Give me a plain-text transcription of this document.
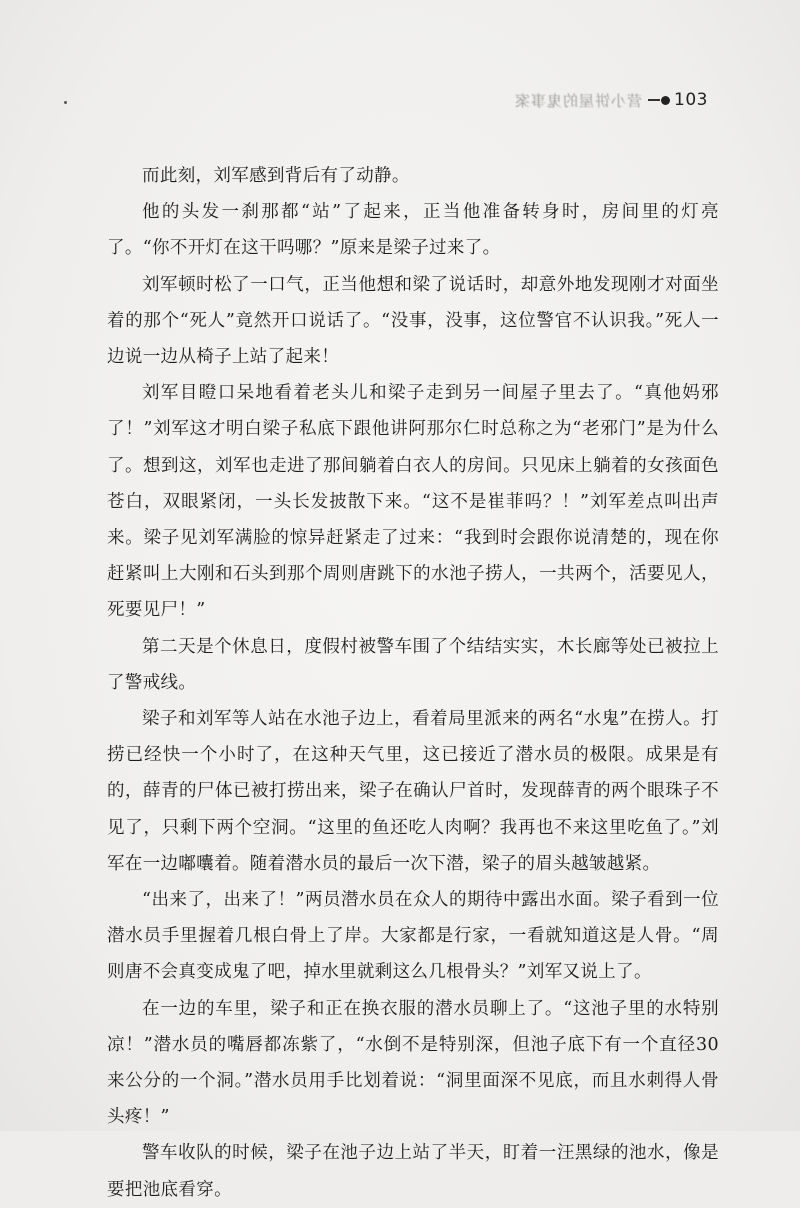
营小饼屋的鬼事案 103

而此刻，刘军感到背后有了动静。

他的头发一刹那都“站”了起来，正当他准备转身时，房间里的灯亮了。“你不开灯在这干吗哪？”原来是梁子过来了。

刘军顿时松了一口气，正当他想和梁了说话时，却意外地发现刚才对面坐着的那个“死人”竟然开口说话了。“没事，没事，这位警官不认识我。”死人一边说一边从椅子上站了起来！

刘军目瞪口呆地看着老头儿和梁子走到另一间屋子里去了。“真他妈邪了！”刘军这才明白梁子私底下跟他讲阿那尔仁时总称之为“老邪门”是为什么了。想到这，刘军也走进了那间躺着白衣人的房间。只见床上躺着的女孩面色苍白，双眼紧闭，一头长发披散下来。“这不是崔菲吗？！”刘军差点叫出声来。梁子见刘军满脸的惊异赶紧走了过来：“我到时会跟你说清楚的，现在你赶紧叫上大刚和石头到那个周则唐跳下的水池子捞人，一共两个，活要见人，死要见尸！”

第二天是个休息日，度假村被警车围了个结结实实，木长廊等处已被拉上了警戒线。

梁子和刘军等人站在水池子边上，看着局里派来的两名“水鬼”在捞人。打捞已经快一个小时了，在这种天气里，这已接近了潜水员的极限。成果是有的，薛青的尸体已被打捞出来，梁子在确认尸首时，发现薛青的两个眼珠子不见了，只剩下两个空洞。“这里的鱼还吃人肉啊？我再也不来这里吃鱼了。”刘军在一边嘟囔着。随着潜水员的最后一次下潜，梁子的眉头越皱越紧。

“出来了，出来了！”两员潜水员在众人的期待中露出水面。梁子看到一位潜水员手里握着几根白骨上了岸。大家都是行家，一看就知道这是人骨。“周则唐不会真变成鬼了吧，掉水里就剩这么几根骨头？”刘军又说上了。

在一边的车里，梁子和正在换衣服的潜水员聊上了。“这池子里的水特别凉！”潜水员的嘴唇都冻紫了，“水倒不是特别深，但池子底下有一个直径30来公分的一个洞。”潜水员用手比划着说：“洞里面深不见底，而且水刺得人骨头疼！”

警车收队的时候，梁子在池子边上站了半天，盯着一汪黑绿的池水，像是要把池底看穿。
